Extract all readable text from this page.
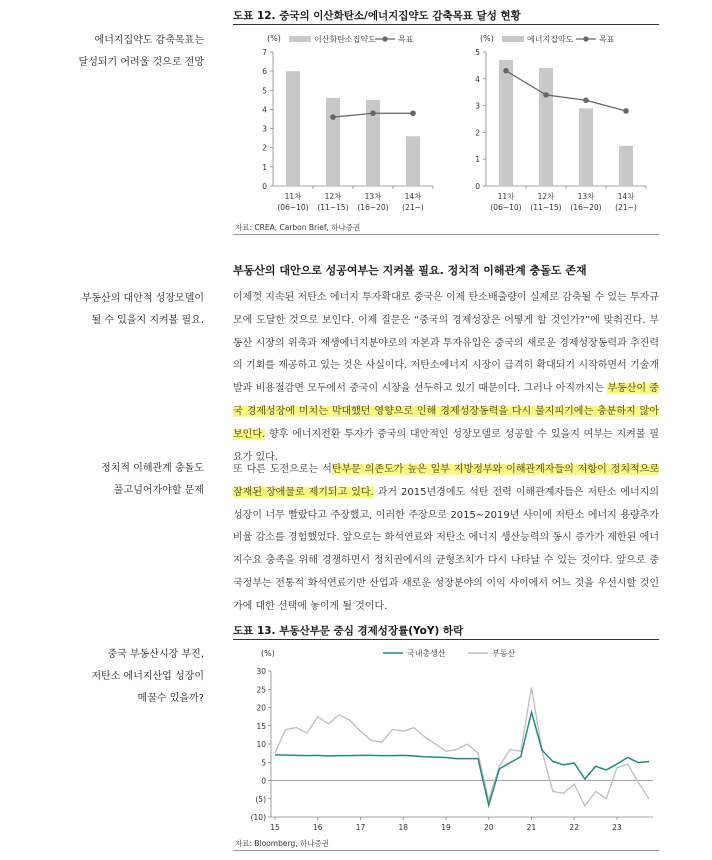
도표 12. 중국의 이산화탄소/에너지집약도 감축목표 달성 현황
에너지집약도 감축목표는
달성되기 어려울 것으로 전망
(%)	이산화탄소집약도	목표
0
1
2
3
4
5
6
7
11차
(06~10)
12차
(11~15)
13차
(16~20)
14차
(21~)
(%)	에너지집약도	목표
0
1
2
3
4
5
11차
(06~10)
12차
(11~15)
13차
(16~20)
14차
(21~)
자료: CREA, Carbon Brief, 하나증권
부동산의 대안으로 성공여부는 지켜볼 필요. 정치적 이해관계 충돌도 존재
부동산의 대안적 성장모델이
될 수 있을지 지켜볼 필요.
이제껏 지속된 저탄소 에너지 투자확대로 중국은 이제 탄소배출량이 실제로 감축될 수 있는 투자규모에 도달한 것으로 보인다. 이제 질문은 “중국의 경제성장은 어떻게 할 것인가?”에 맞춰진다. 부동산 시장의 위축과 재생에너지분야로의 자본과 투자유입은 중국의 새로운 경제성장동력과 추진력의 기회를 제공하고 있는 것은 사실이다. 저탄소에너지 시장이 급격히 확대되기 시작하면서 기술개발과 비용절감면 모두에서 중국이 시장을 선두하고 있기 때문이다. 그러나 아직까지는 부동산이 중국 경제성장에 미치는 막대했던 영향으로 인해 경제성장동력을 다시 불지피기에는 충분하지 않아 보인다. 향후 에너지전환 투자가 중국의 대안적인 성장모델로 성공할 수 있을지 여부는 지켜볼 필요가 있다.
정치적 이해관계 충돌도
풀고넘어가야할 문제
또 다른 도전으로는 석탄부문 의존도가 높은 일부 지방정부와 이해관계자들의 저항이 정치적으로 잠재된 장애물로 제기되고 있다. 과거 2015년경에도 석탄 전력 이해관계자들은 저탄소 에너지의 성장이 너무 빨랐다고 주장했고, 이러한 주장으로 2015~2019년 사이에 저탄소 에너지 용량추가비율 감소를 경험했었다. 앞으로는 화석연료와 저탄소 에너지 생산능력의 동시 증가가 제한된 에너지수요 충족을 위해 경쟁하면서 정치권에서의 균형조치가 다시 나타날 수 있는 것이다. 앞으로 중국정부는 전통적 화석연료기반 산업과 새로운 성장분야의 이익 사이에서 어느 것을 우선시할 것인가에 대한 선택에 놓이게 될 것이다.
도표 13. 부동산부문 중심 경제성장률(YoY) 하락
중국 부동산시장 부진,
저탄소 에너지산업 성장이
메꿀수 있을까?
(%)	국내총생산	부동산
30
25
20
15
10
5
0
(5)
(10)
15	16	17	18	19	20	21	22	23
자료: Bloomberg, 하나증권
